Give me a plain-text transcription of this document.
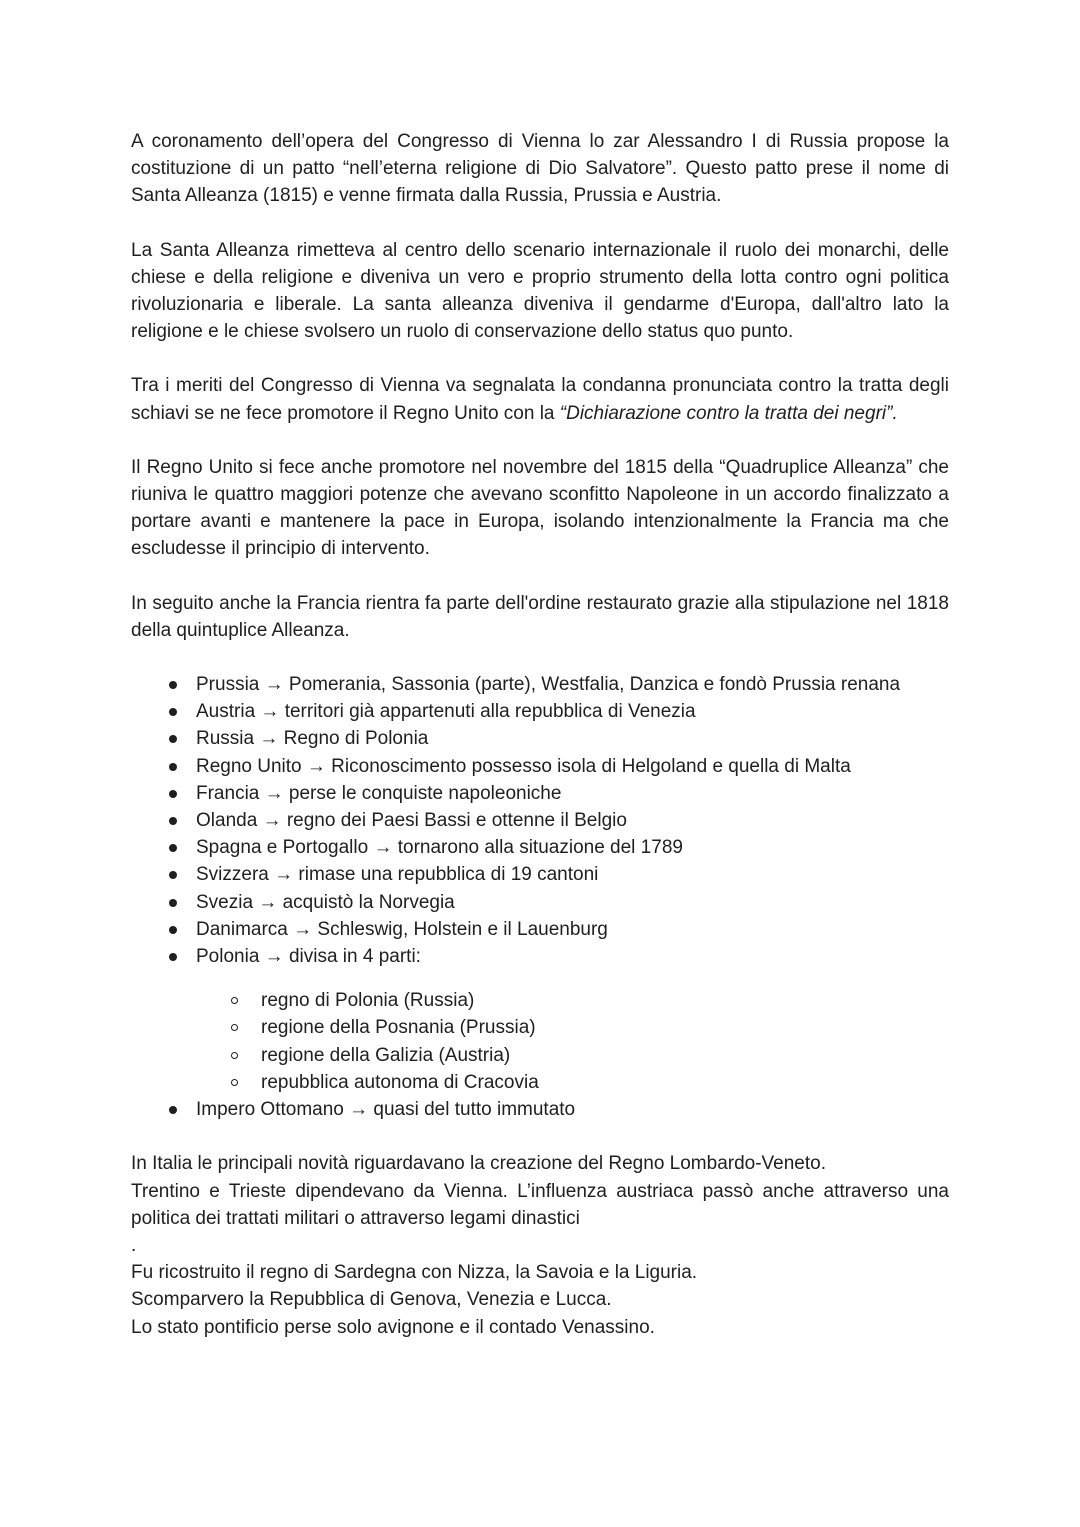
A coronamento dell’opera del Congresso di Vienna lo zar Alessandro I di Russia propose la costituzione di un patto “nell’eterna religione di Dio Salvatore”. Questo patto prese il nome di Santa Alleanza (1815) e venne firmata dalla Russia, Prussia e Austria.

La Santa Alleanza rimetteva al centro dello scenario internazionale il ruolo dei monarchi, delle chiese e della religione e diveniva un vero e proprio strumento della lotta contro ogni politica rivoluzionaria e liberale. La santa alleanza diveniva il gendarme d'Europa, dall'altro lato la religione e le chiese svolsero un ruolo di conservazione dello status quo punto.

Tra i meriti del Congresso di Vienna va segnalata la condanna pronunciata contro la tratta degli schiavi se ne fece promotore il Regno Unito con la “Dichiarazione contro la tratta dei negri”.

Il Regno Unito si fece anche promotore nel novembre del 1815 della “Quadruplice Alleanza” che riuniva le quattro maggiori potenze che avevano sconfitto Napoleone in un accordo finalizzato a portare avanti e mantenere la pace in Europa, isolando intenzionalmente la Francia ma che escludesse il principio di intervento.

In seguito anche la Francia rientra fa parte dell'ordine restaurato grazie alla stipulazione nel 1818 della quintuplice Alleanza.

Prussia → Pomerania, Sassonia (parte), Westfalia, Danzica e fondò Prussia renana
Austria → territori già appartenuti alla repubblica di Venezia
Russia → Regno di Polonia
Regno Unito → Riconoscimento possesso isola di Helgoland e quella di Malta
Francia → perse le conquiste napoleoniche
Olanda → regno dei Paesi Bassi e ottenne il Belgio
Spagna e Portogallo → tornarono alla situazione del 1789
Svizzera → rimase una repubblica di 19 cantoni
Svezia → acquistò la Norvegia
Danimarca → Schleswig, Holstein e il Lauenburg
Polonia → divisa in 4 parti:
regno di Polonia (Russia)
regione della Posnania (Prussia)
regione della Galizia (Austria)
repubblica autonoma di Cracovia
Impero Ottomano → quasi del tutto immutato

In Italia le principali novità riguardavano la creazione del Regno Lombardo-Veneto.

Trentino e Trieste dipendevano da Vienna. L’influenza austriaca passò anche attraverso una politica dei trattati militari o attraverso legami dinastici

.

Fu ricostruito il regno di Sardegna con Nizza, la Savoia e la Liguria.

Scomparvero la Repubblica di Genova, Venezia e Lucca.

Lo stato pontificio perse solo avignone e il contado Venassino.
